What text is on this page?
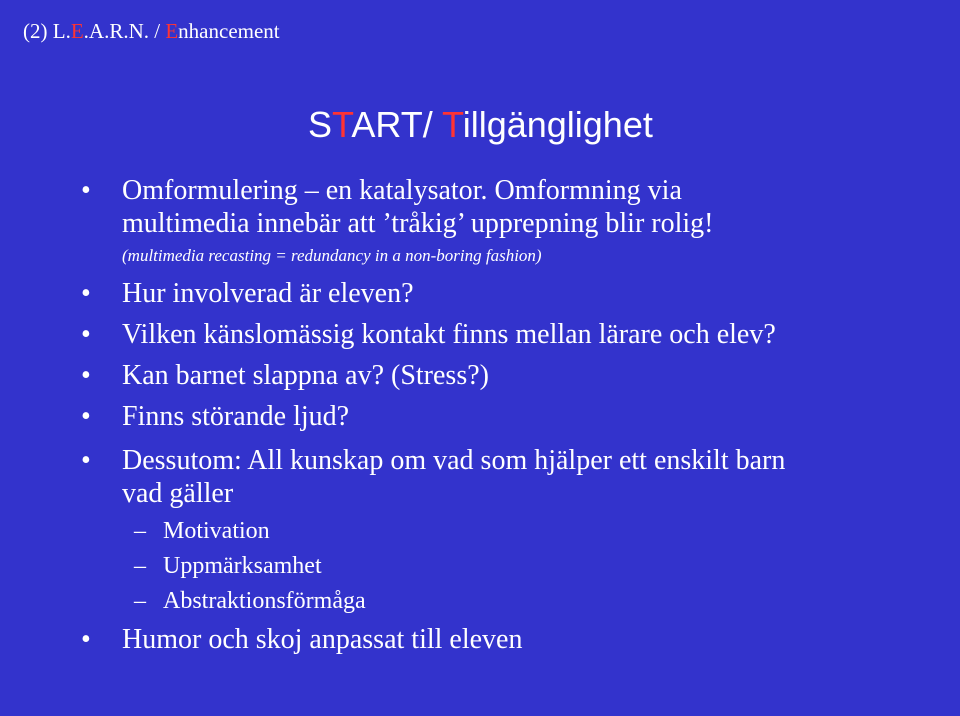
(2) L.E.A.R.N. / Enhancement
START/ Tillgänglighet
• Omformulering – en katalysator. Omformning via
multimedia innebär att ’tråkig’ upprepning blir rolig!
(multimedia recasting = redundancy in a non-boring fashion)
• Hur involverad är eleven?
• Vilken känslomässig kontakt finns mellan lärare och elev?
• Kan barnet slappna av? (Stress?)
• Finns störande ljud?
• Dessutom: All kunskap om vad som hjälper ett enskilt barn
vad gäller
– Motivation
– Uppmärksamhet
– Abstraktionsförmåga
• Humor och skoj anpassat till eleven
